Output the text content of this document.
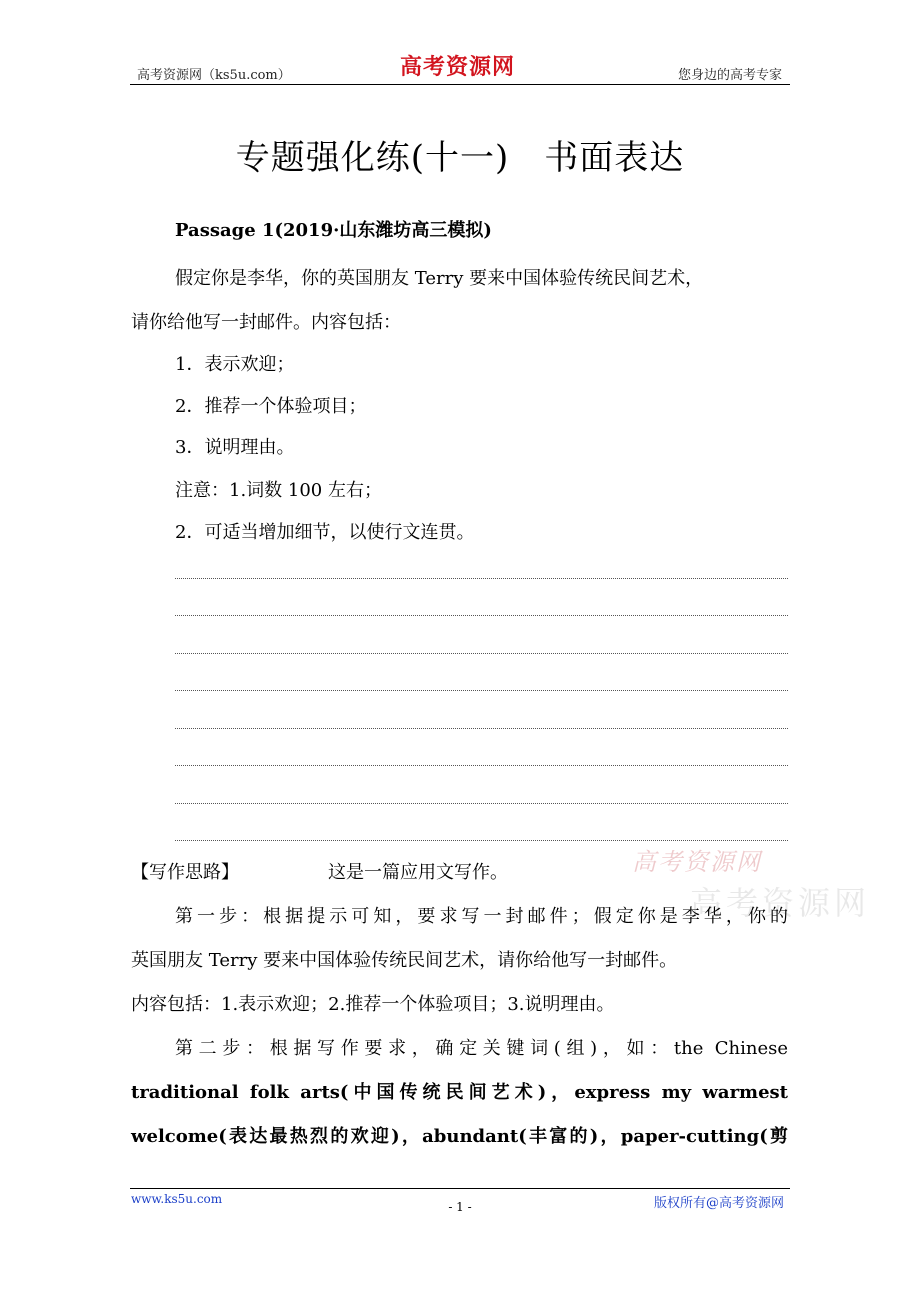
高考资源网（ks5u.com）	高考资源网	您身边的高考专家
专题强化练(十一)　书面表达
Passage 1(2019·山东潍坊高三模拟)
假定你是李华，你的英国朋友 Terry 要来中国体验传统民间艺术，
请你给他写一封邮件。内容包括：
1．表示欢迎；
2．推荐一个体验项目；
3．说明理由。
注意：1.词数 100 左右；
2．可适当增加细节，以使行文连贯。
高考资源网
高考资源网
【写作思路】	这是一篇应用文写作。
第一步：根据提示可知，要求写一封邮件；假定你是李华，你的
英国朋友 Terry 要来中国体验传统民间艺术，请你给他写一封邮件。
内容包括：1.表示欢迎；2.推荐一个体验项目；3.说明理由。
第二步：根据写作要求，确定关键词(组)，如：the Chinese
traditional folk arts(中国传统民间艺术)，express my warmest
welcome(表达最热烈的欢迎)，abundant(丰富的)，paper-cutting(剪
www.ks5u.com
- 1 -	版权所有@高考资源网
